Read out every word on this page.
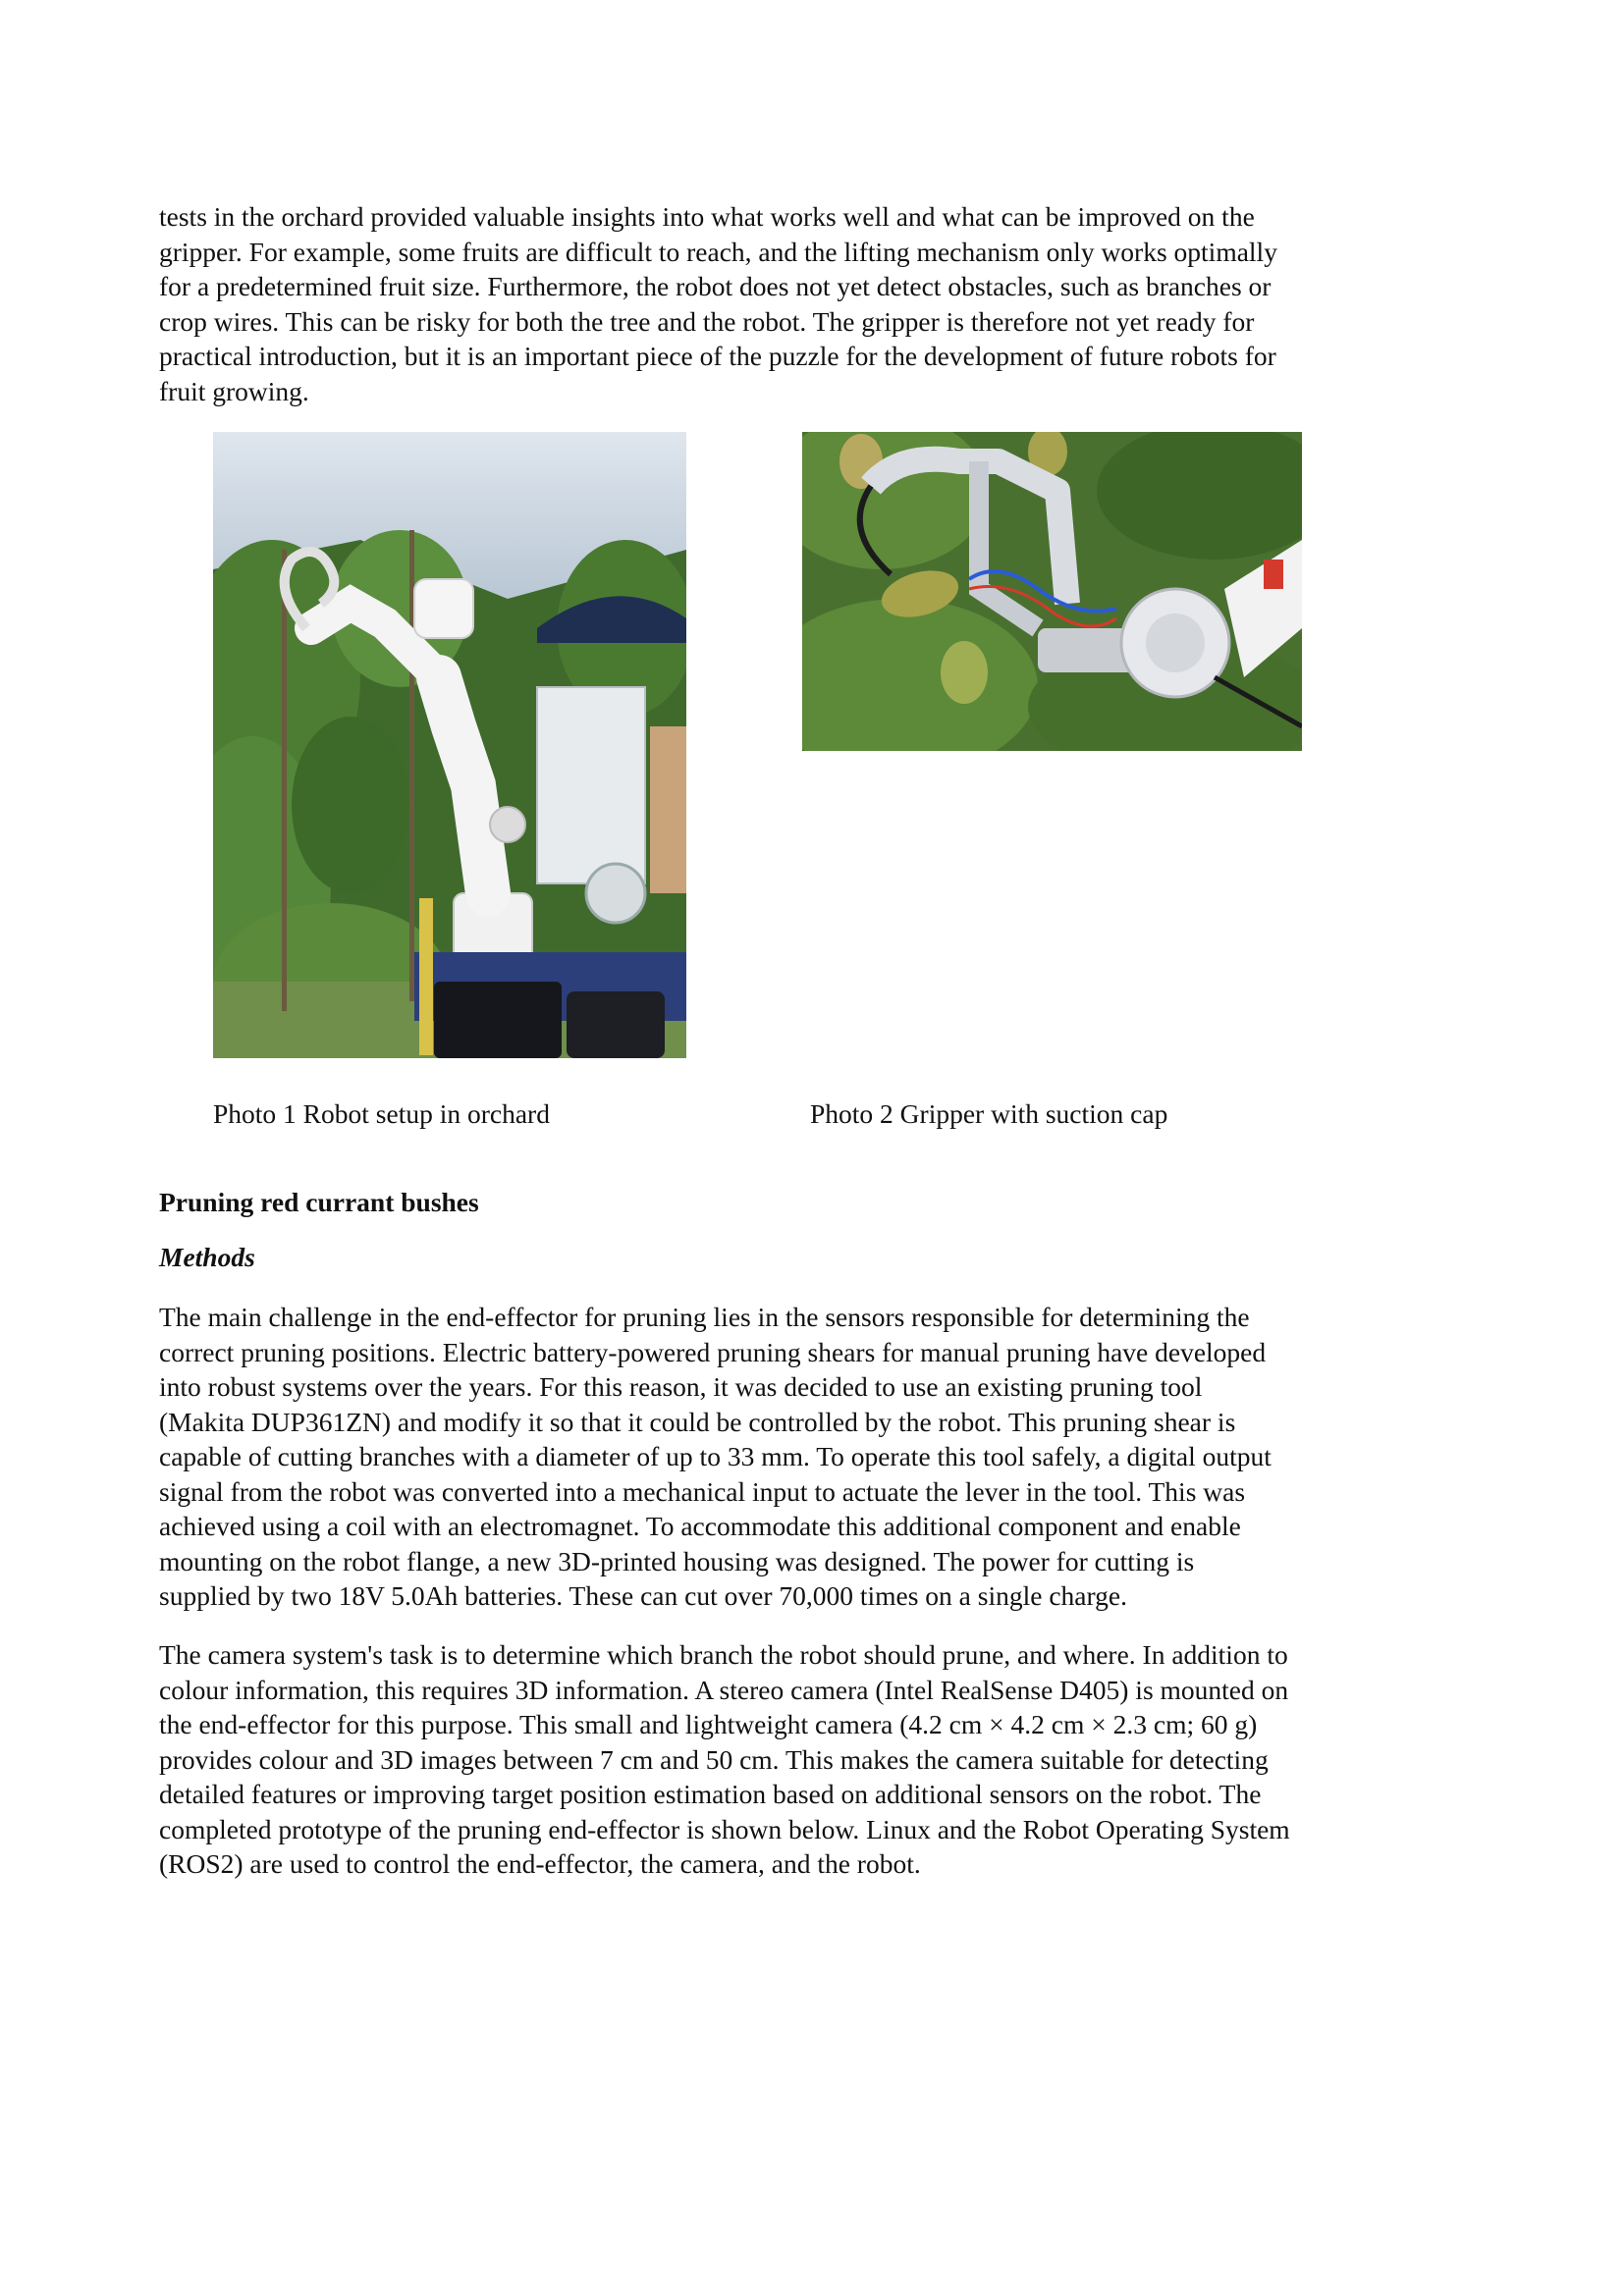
tests in the orchard provided valuable insights into what works well and what can be improved on the
gripper. For example, some fruits are difficult to reach, and the lifting mechanism only works optimally
for a predetermined fruit size. Furthermore, the robot does not yet detect obstacles, such as branches or
crop wires. This can be risky for both the tree and the robot. The gripper is therefore not yet ready for
practical introduction, but it is an important piece of the puzzle for the development of future robots for
fruit growing.

Photo 1 Robot setup in orchard	Photo 2 Gripper with suction cap
Pruning red currant bushes
Methods

The main challenge in the end-effector for pruning lies in the sensors responsible for determining the
correct pruning positions. Electric battery-powered pruning shears for manual pruning have developed
into robust systems over the years. For this reason, it was decided to use an existing pruning tool
(Makita DUP361ZN) and modify it so that it could be controlled by the robot. This pruning shear is
capable of cutting branches with a diameter of up to 33 mm. To operate this tool safely, a digital output
signal from the robot was converted into a mechanical input to actuate the lever in the tool. This was
achieved using a coil with an electromagnet. To accommodate this additional component and enable
mounting on the robot flange, a new 3D-printed housing was designed. The power for cutting is
supplied by two 18V 5.0Ah batteries. These can cut over 70,000 times on a single charge.

The camera system's task is to determine which branch the robot should prune, and where. In addition to
colour information, this requires 3D information. A stereo camera (Intel RealSense D405) is mounted on
the end-effector for this purpose. This small and lightweight camera (4.2 cm × 4.2 cm × 2.3 cm; 60 g)
provides colour and 3D images between 7 cm and 50 cm. This makes the camera suitable for detecting
detailed features or improving target position estimation based on additional sensors on the robot. The
completed prototype of the pruning end-effector is shown below. Linux and the Robot Operating System
(ROS2) are used to control the end-effector, the camera, and the robot.
